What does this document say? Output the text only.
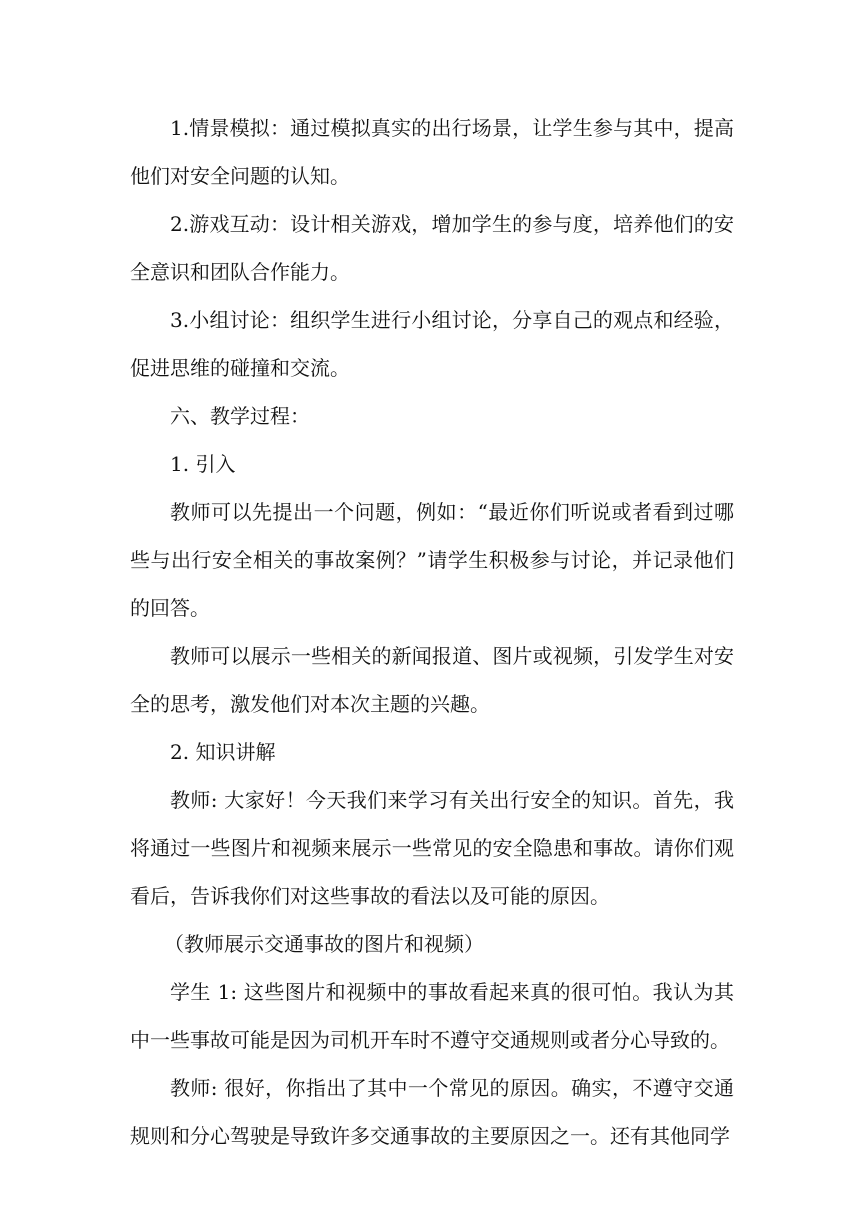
1.情景模拟：通过模拟真实的出行场景，让学生参与其中，提高他们对安全问题的认知。

2.游戏互动：设计相关游戏，增加学生的参与度，培养他们的安全意识和团队合作能力。

3.小组讨论：组织学生进行小组讨论，分享自己的观点和经验，促进思维的碰撞和交流。

六、教学过程：

1. 引入

教师可以先提出一个问题，例如：“最近你们听说或者看到过哪些与出行安全相关的事故案例？”请学生积极参与讨论，并记录他们的回答。

教师可以展示一些相关的新闻报道、图片或视频，引发学生对安全的思考，激发他们对本次主题的兴趣。

2. 知识讲解

教师: 大家好！今天我们来学习有关出行安全的知识。首先，我将通过一些图片和视频来展示一些常见的安全隐患和事故。请你们观看后，告诉我你们对这些事故的看法以及可能的原因。

（教师展示交通事故的图片和视频）

学生 1: 这些图片和视频中的事故看起来真的很可怕。我认为其中一些事故可能是因为司机开车时不遵守交通规则或者分心导致的。

教师: 很好，你指出了其中一个常见的原因。确实，不遵守交通规则和分心驾驶是导致许多交通事故的主要原因之一。还有其他同学
